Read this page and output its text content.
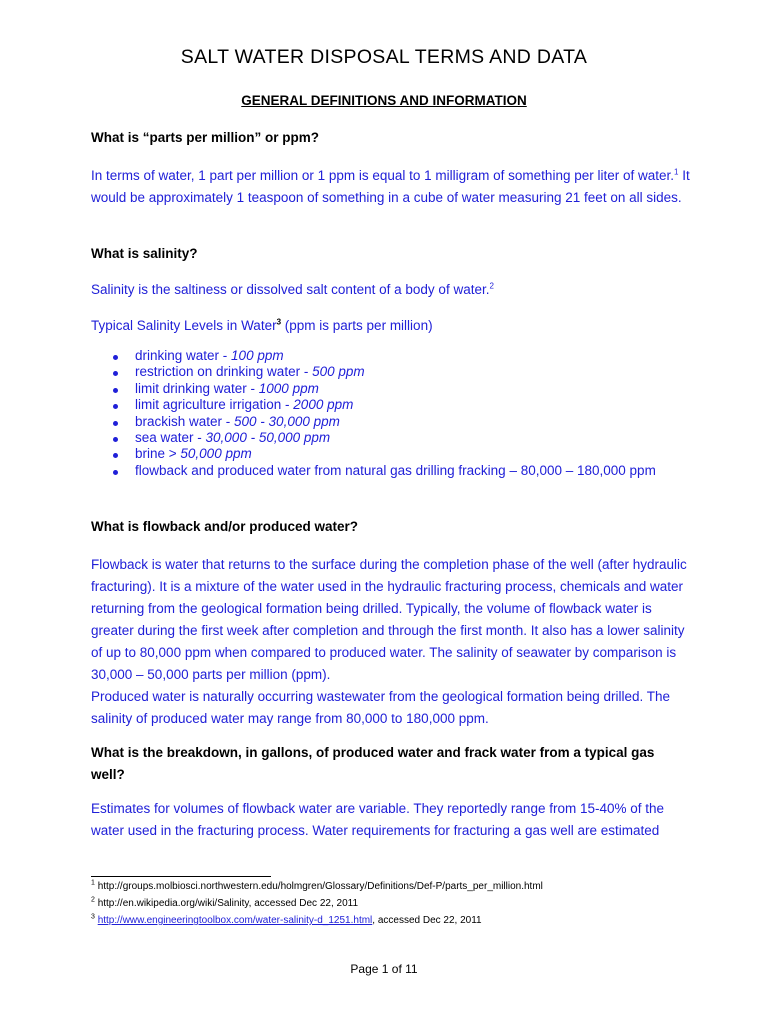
SALT WATER DISPOSAL TERMS AND DATA
GENERAL DEFINITIONS AND INFORMATION
What is “parts per million” or ppm?
In terms of water, 1 part per million or 1 ppm is equal to 1 milligram of something per liter of water.$^1$ It would be approximately 1 teaspoon of something in a cube of water measuring 21 feet on all sides.
What is salinity?
Salinity is the saltiness or dissolved salt content of a body of water.$^2$
Typical Salinity Levels in Water$^3$ (ppm is parts per million)
drinking water - 100 ppm
restriction on drinking water - 500 ppm
limit drinking water - 1000 ppm
limit agriculture irrigation - 2000 ppm
brackish water - 500 - 30,000 ppm
sea water - 30,000 - 50,000 ppm
brine > 50,000 ppm
flowback and produced water from natural gas drilling fracking – 80,000 – 180,000 ppm
What is flowback and/or produced water?
Flowback is water that returns to the surface during the completion phase of the well (after hydraulic fracturing). It is a mixture of the water used in the hydraulic fracturing process, chemicals and water returning from the geological formation being drilled. Typically, the volume of flowback water is greater during the first week after completion and through the first month. It also has a lower salinity of up to 80,000 ppm when compared to produced water. The salinity of seawater by comparison is 30,000 – 50,000 parts per million (ppm).
Produced water is naturally occurring wastewater from the geological formation being drilled. The salinity of produced water may range from 80,000 to 180,000 ppm.
What is the breakdown, in gallons, of produced water and frack water from a typical gas well?
Estimates for volumes of flowback water are variable. They reportedly range from 15-40% of the water used in the fracturing process. Water requirements for fracturing a gas well are estimated
$^1$ http://groups.molbiosci.northwestern.edu/holmgren/Glossary/Definitions/Def-P/parts_per_million.html
$^2$ http://en.wikipedia.org/wiki/Salinity, accessed Dec 22, 2011
$^3$ http://www.engineeringtoolbox.com/water-salinity-d_1251.html, accessed Dec 22, 2011
Page 1 of 11
